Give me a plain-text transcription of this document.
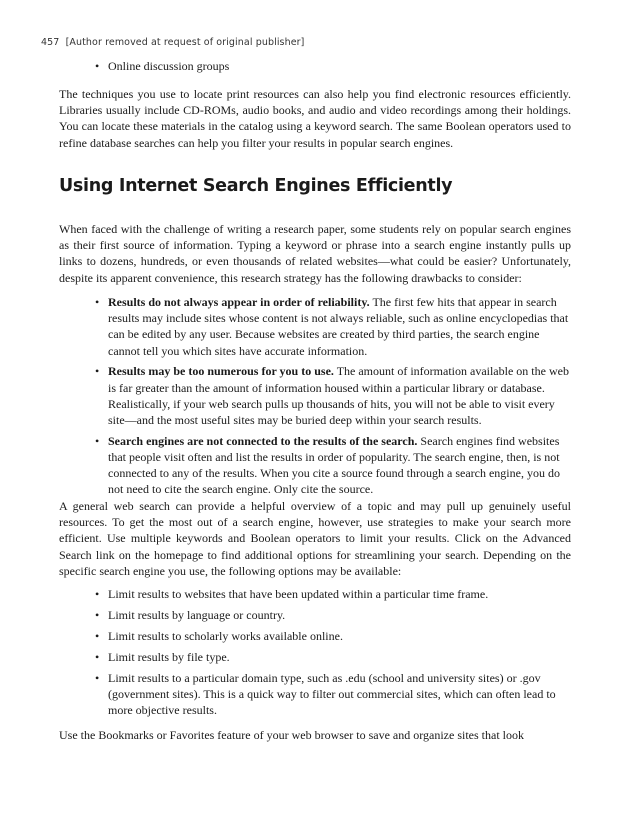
457 [Author removed at request of original publisher]
• Online discussion groups

The techniques you use to locate print resources can also help you find electronic resources efficiently. Libraries usually include CD-ROMs, audio books, and audio and video recordings among their holdings. You can locate these materials in the catalog using a keyword search. The same Boolean operators used to refine database searches can help you filter your results in popular search engines.

Using Internet Search Engines Efficiently

When faced with the challenge of writing a research paper, some students rely on popular search engines as their first source of information. Typing a keyword or phrase into a search engine instantly pulls up links to dozens, hundreds, or even thousands of related websites—what could be easier? Unfortunately, despite its apparent convenience, this research strategy has the following drawbacks to consider:

• Results do not always appear in order of reliability. The first few hits that appear in search results may include sites whose content is not always reliable, such as online encyclopedias that can be edited by any user. Because websites are created by third parties, the search engine cannot tell you which sites have accurate information.
• Results may be too numerous for you to use. The amount of information available on the web is far greater than the amount of information housed within a particular library or database. Realistically, if your web search pulls up thousands of hits, you will not be able to visit every site—and the most useful sites may be buried deep within your search results.
• Search engines are not connected to the results of the search. Search engines find websites that people visit often and list the results in order of popularity. The search engine, then, is not connected to any of the results. When you cite a source found through a search engine, you do not need to cite the search engine. Only cite the source.

A general web search can provide a helpful overview of a topic and may pull up genuinely useful resources. To get the most out of a search engine, however, use strategies to make your search more efficient. Use multiple keywords and Boolean operators to limit your results. Click on the Advanced Search link on the homepage to find additional options for streamlining your search. Depending on the specific search engine you use, the following options may be available:

• Limit results to websites that have been updated within a particular time frame.
• Limit results by language or country.
• Limit results to scholarly works available online.
• Limit results by file type.
• Limit results to a particular domain type, such as .edu (school and university sites) or .gov (government sites). This is a quick way to filter out commercial sites, which can often lead to more objective results.

Use the Bookmarks or Favorites feature of your web browser to save and organize sites that look
